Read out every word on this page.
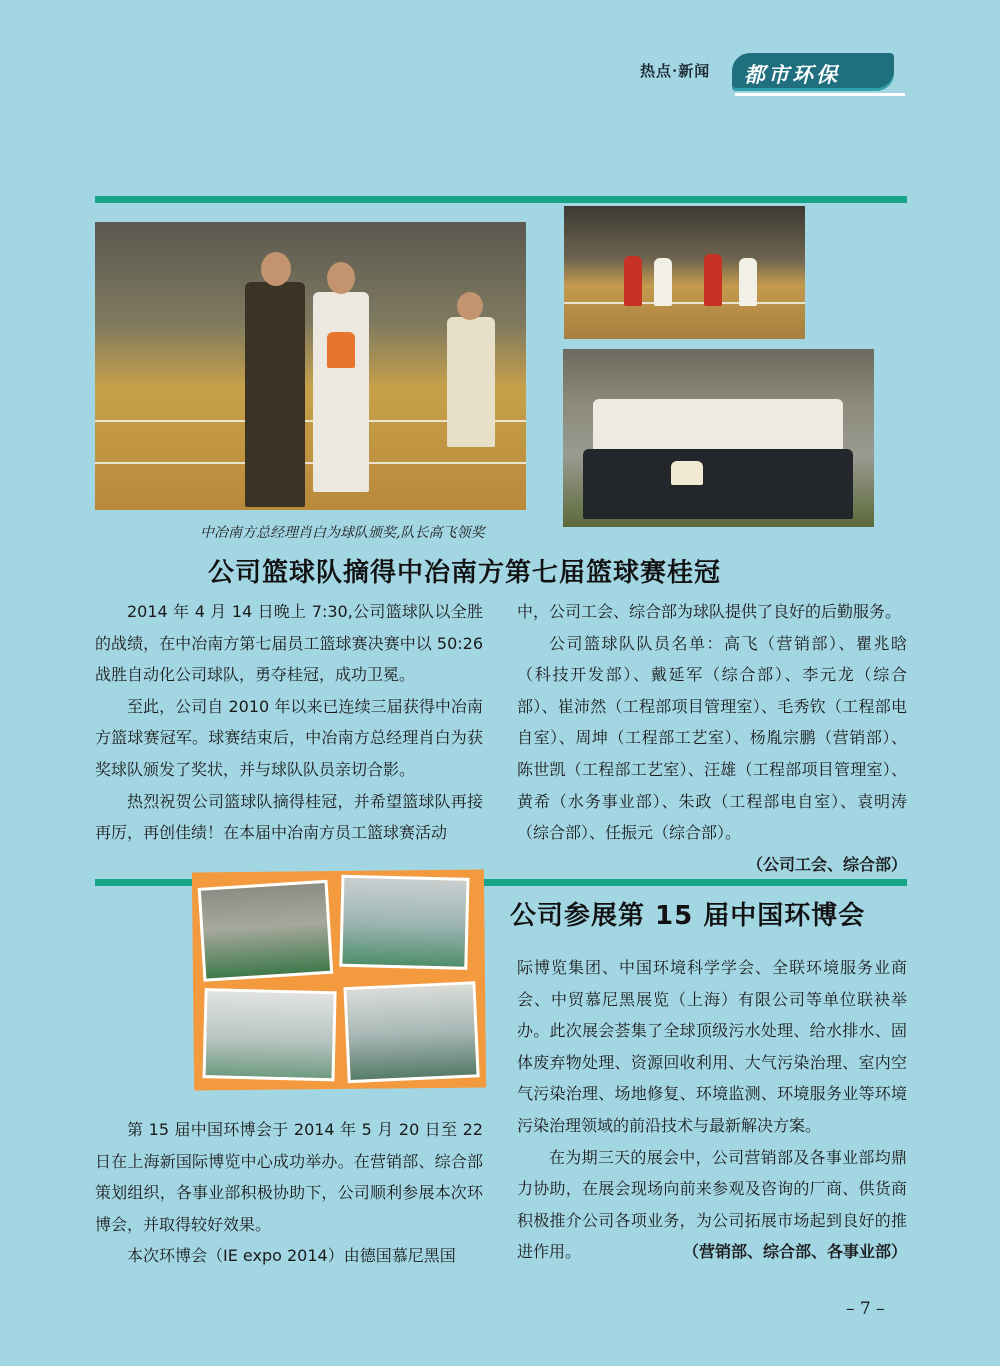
热点·新闻 都市环保
中冶南方总经理肖白为球队颁奖,队长高飞领奖
公司篮球队摘得中冶南方第七届篮球赛桂冠

2014 年 4 月 14 日晚上 7:30,公司篮球队以全胜的战绩，在中冶南方第七届员工篮球赛决赛中以 50:26 战胜自动化公司球队，勇夺桂冠，成功卫冕。

至此，公司自 2010 年以来已连续三届获得中冶南方篮球赛冠军。球赛结束后，中冶南方总经理肖白为获奖球队颁发了奖状，并与球队队员亲切合影。

热烈祝贺公司篮球队摘得桂冠，并希望篮球队再接再厉，再创佳绩！在本届中冶南方员工篮球赛活动

中，公司工会、综合部为球队提供了良好的后勤服务。

公司篮球队队员名单：高飞（营销部）、瞿兆晗（科技开发部）、戴延军（综合部）、李元龙（综合部）、崔沛然（工程部项目管理室）、毛秀钦（工程部电自室）、周坤（工程部工艺室）、杨胤宗鹏（营销部）、陈世凯（工程部工艺室）、汪雄（工程部项目管理室）、黄希（水务事业部）、朱政（工程部电自室）、袁明涛（综合部）、任振元（综合部）。

（公司工会、综合部）

公司参展第 15 届中国环博会

际博览集团、中国环境科学学会、全联环境服务业商会、中贸慕尼黑展览（上海）有限公司等单位联袂举办。此次展会荟集了全球顶级污水处理、给水排水、固体废弃物处理、资源回收利用、大气污染治理、室内空气污染治理、场地修复、环境监测、环境服务业等环境污染治理领域的前沿技术与最新解决方案。

在为期三天的展会中，公司营销部及各事业部均鼎力协助，在展会现场向前来参观及咨询的厂商、供货商积极推介公司各项业务，为公司拓展市场起到良好的推进作用。	（营销部、综合部、各事业部）

第 15 届中国环博会于 2014 年 5 月 20 日至 22 日在上海新国际博览中心成功举办。在营销部、综合部策划组织，各事业部积极协助下，公司顺利参展本次环博会，并取得较好效果。

本次环博会（IE expo 2014）由德国慕尼黑国

– 7 –
